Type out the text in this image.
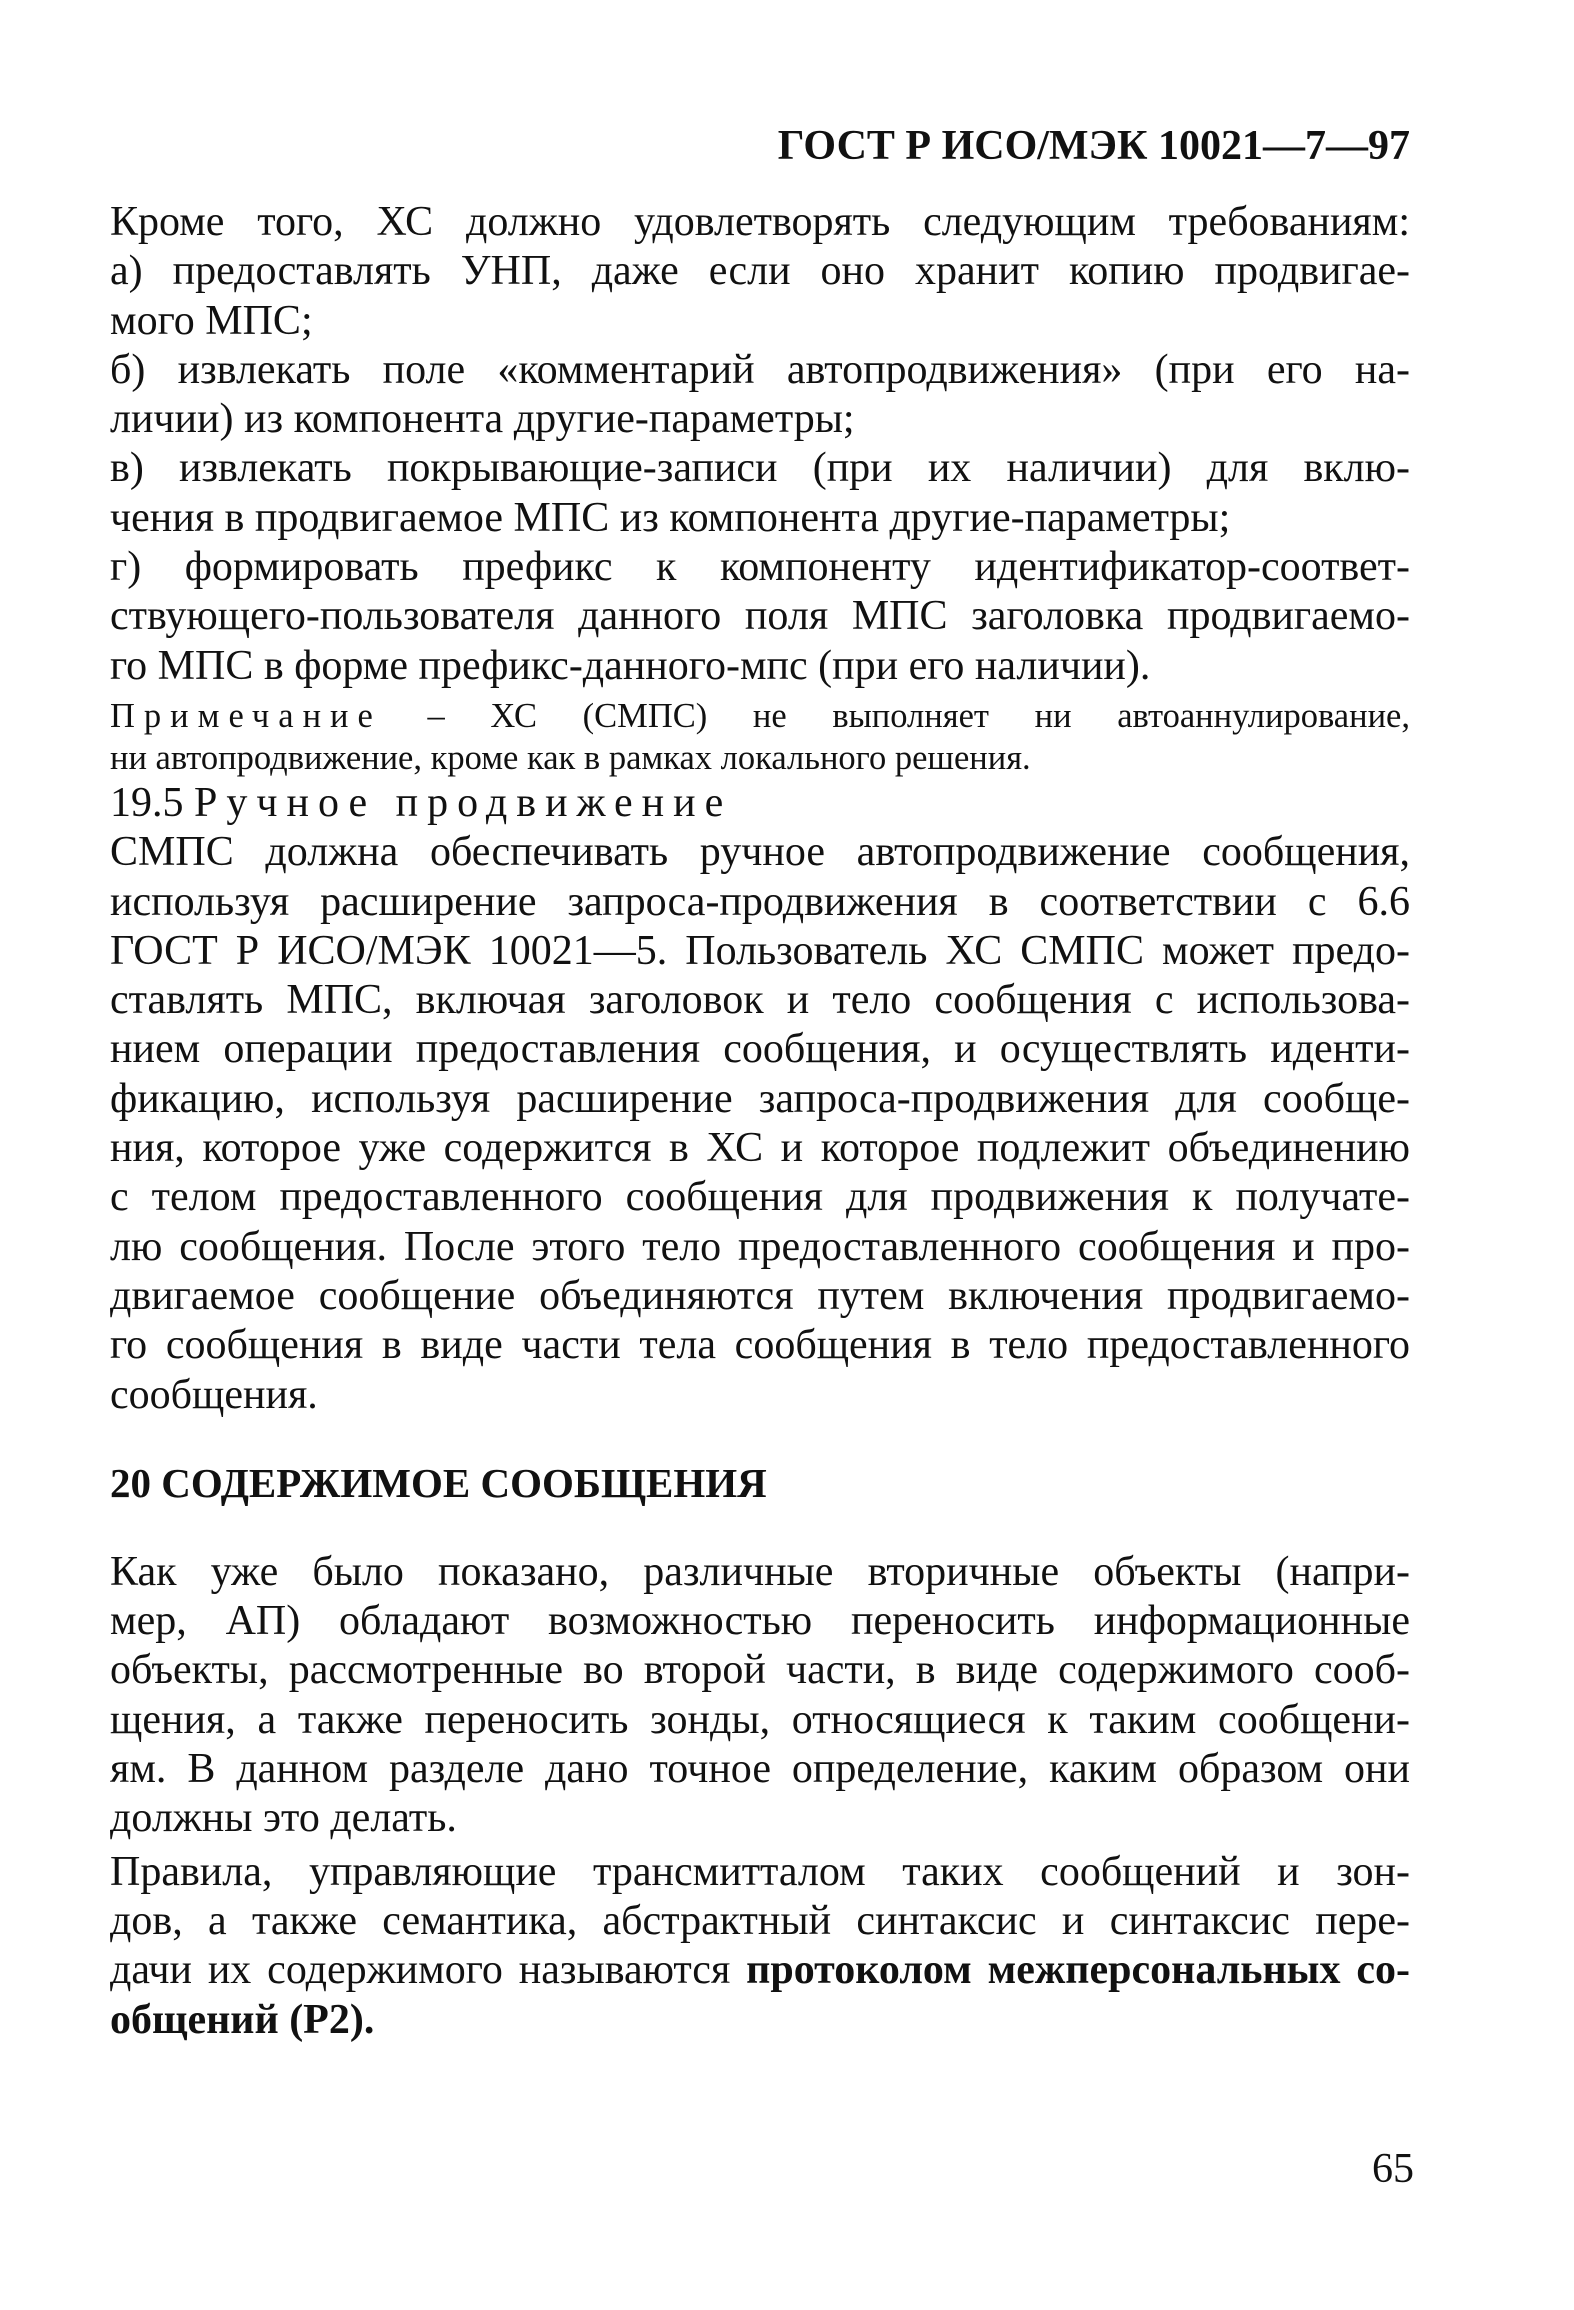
ГОСТ Р ИСО/МЭК 10021—7—97
Кроме того, ХС должно удовлетворять следующим требованиям:
а) предоставлять УНП, даже если оно хранит копию продвигае-
мого МПС;
б) извлекать поле «комментарий автопродвижения» (при его на-
личии) из компонента другие-параметры;
в) извлекать покрывающие-записи (при их наличии) для вклю-
чения в продвигаемое МПС из компонента другие-параметры;
г) формировать префикс к компоненту идентификатор-соответ-
ствующего-пользователя данного поля МПС заголовка продвигаемо-
го МПС в форме префикс-данного-мпс (при его наличии).
Примечание – ХС (СМПС) не выполняет ни автоаннулирование,
ни автопродвижение, кроме как в рамках локального решения.
19.5 Ручное продвижение
СМПС должна обеспечивать ручное автопродвижение сообщения,
используя расширение запроса-продвижения в соответствии с 6.6
ГОСТ Р ИСО/МЭК 10021—5. Пользователь ХС СМПС может предо-
ставлять МПС, включая заголовок и тело сообщения с использова-
нием операции предоставления сообщения, и осуществлять иденти-
фикацию, используя расширение запроса-продвижения для сообще-
ния, которое уже содержится в ХС и которое подлежит объединению
с телом предоставленного сообщения для продвижения к получате-
лю сообщения. После этого тело предоставленного сообщения и про-
двигаемое сообщение объединяются путем включения продвигаемо-
го сообщения в виде части тела сообщения в тело предоставленного
сообщения.
20 СОДЕРЖИМОЕ СООБЩЕНИЯ
Как уже было показано, различные вторичные объекты (напри-
мер, АП) обладают возможностью переносить информационные
объекты, рассмотренные во второй части, в виде содержимого сооб-
щения, а также переносить зонды, относящиеся к таким сообщени-
ям. В данном разделе дано точное определение, каким образом они
должны это делать.
Правила, управляющие трансмитталом таких сообщений и зон-
дов, а также семантика, абстрактный синтаксис и синтаксис пере-
дачи их содержимого называются протоколом межперсональных со-
общений (Р2).
65
